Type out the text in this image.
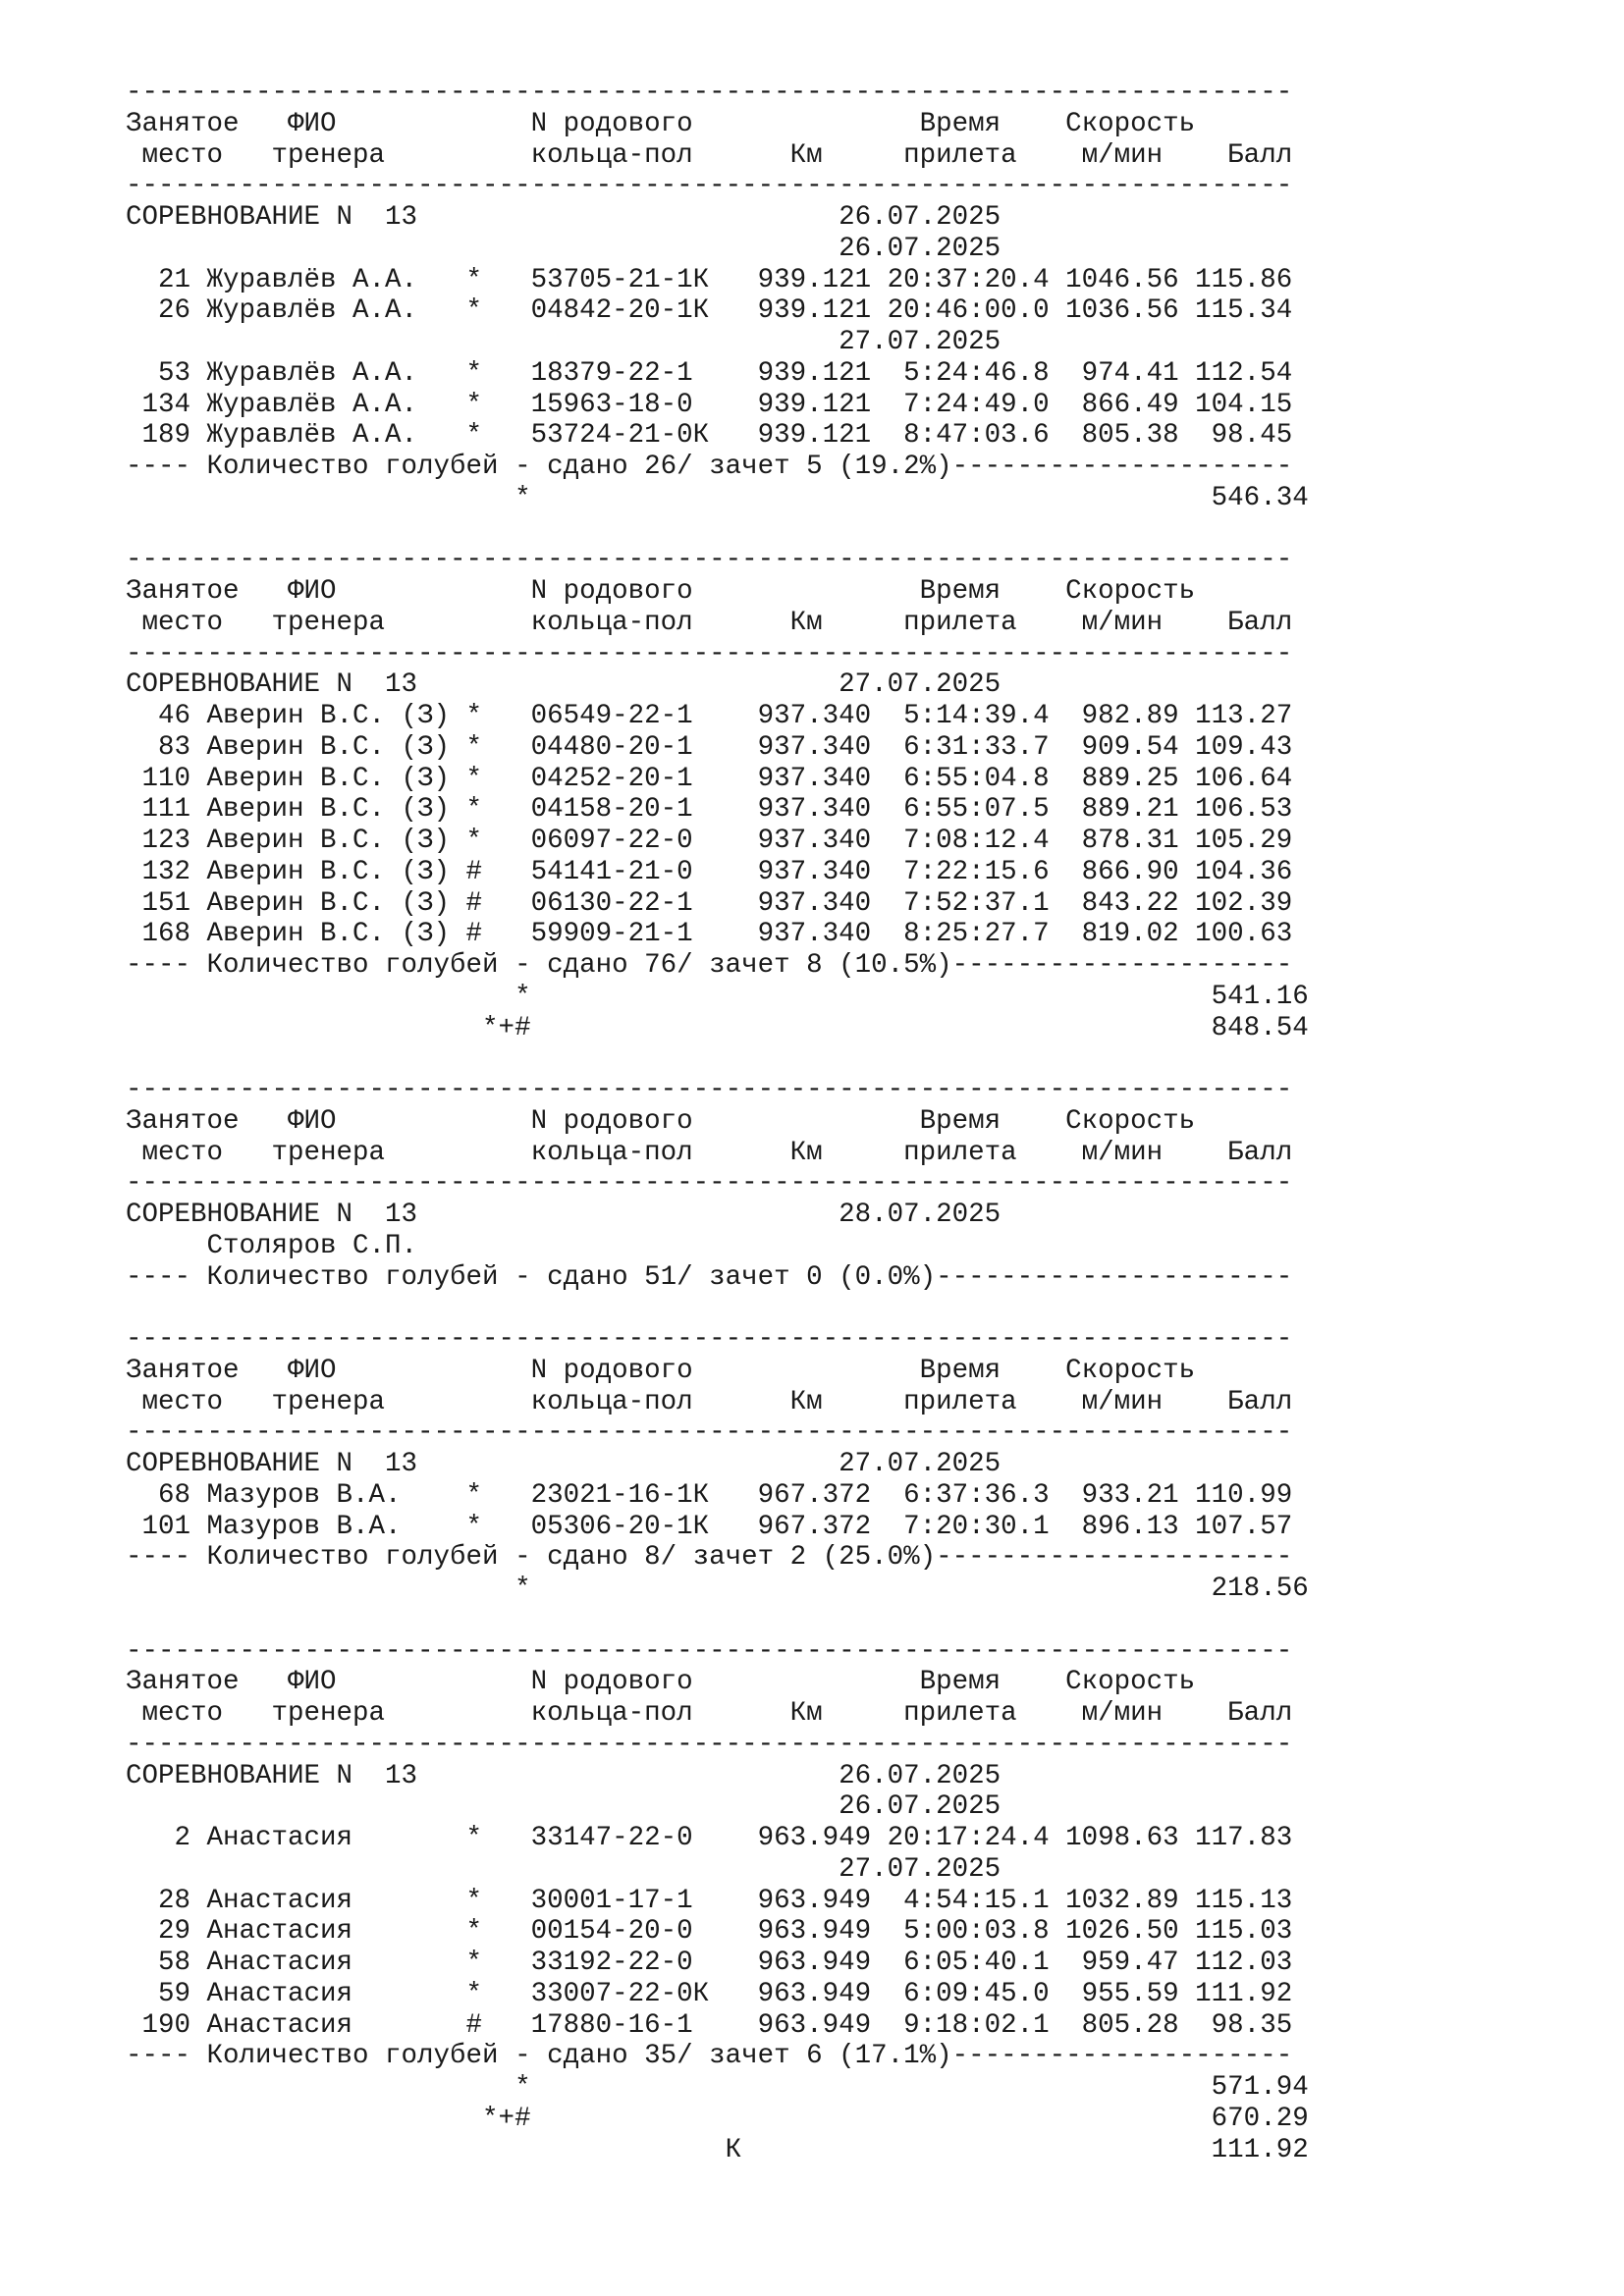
------------------------------------------------------------------------
Занятое   ФИО            N родового              Время    Скорость
место   тренера         кольца-пол      Км     прилета    м/мин    Балл
------------------------------------------------------------------------
СОРЕВНОВАНИЕ N  13                          26.07.2025
26.07.2025
21 Журавлёв А.А.   *   53705-21-1К   939.121 20:37:20.4 1046.56 115.86
26 Журавлёв А.А.   *   04842-20-1К   939.121 20:46:00.0 1036.56 115.34
27.07.2025
53 Журавлёв А.А.   *   18379-22-1    939.121  5:24:46.8  974.41 112.54
134 Журавлёв А.А.   *   15963-18-0    939.121  7:24:49.0  866.49 104.15
189 Журавлёв А.А.   *   53724-21-0К   939.121  8:47:03.6  805.38  98.45
---- Количество голубей - сдано 26/ зачет 5 (19.2%)---------------------
*                                          546.34
------------------------------------------------------------------------
Занятое   ФИО            N родового              Время    Скорость
место   тренера         кольца-пол      Км     прилета    м/мин    Балл
------------------------------------------------------------------------
СОРЕВНОВАНИЕ N  13                          27.07.2025
46 Аверин В.С. (З) *   06549-22-1    937.340  5:14:39.4  982.89 113.27
83 Аверин В.С. (З) *   04480-20-1    937.340  6:31:33.7  909.54 109.43
110 Аверин В.С. (З) *   04252-20-1    937.340  6:55:04.8  889.25 106.64
111 Аверин В.С. (З) *   04158-20-1    937.340  6:55:07.5  889.21 106.53
123 Аверин В.С. (З) *   06097-22-0    937.340  7:08:12.4  878.31 105.29
132 Аверин В.С. (З) #   54141-21-0    937.340  7:22:15.6  866.90 104.36
151 Аверин В.С. (З) #   06130-22-1    937.340  7:52:37.1  843.22 102.39
168 Аверин В.С. (З) #   59909-21-1    937.340  8:25:27.7  819.02 100.63
---- Количество голубей - сдано 76/ зачет 8 (10.5%)---------------------
*                                          541.16
*+#                                          848.54
------------------------------------------------------------------------
Занятое   ФИО            N родового              Время    Скорость
место   тренера         кольца-пол      Км     прилета    м/мин    Балл
------------------------------------------------------------------------
СОРЕВНОВАНИЕ N  13                          28.07.2025
Столяров С.П.
---- Количество голубей - сдано 51/ зачет 0 (0.0%)----------------------
------------------------------------------------------------------------
Занятое   ФИО            N родового              Время    Скорость
место   тренера         кольца-пол      Км     прилета    м/мин    Балл
------------------------------------------------------------------------
СОРЕВНОВАНИЕ N  13                          27.07.2025
68 Мазуров В.А.    *   23021-16-1К   967.372  6:37:36.3  933.21 110.99
101 Мазуров В.А.    *   05306-20-1К   967.372  7:20:30.1  896.13 107.57
---- Количество голубей - сдано 8/ зачет 2 (25.0%)----------------------
*                                          218.56
------------------------------------------------------------------------
Занятое   ФИО            N родового              Время    Скорость
место   тренера         кольца-пол      Км     прилета    м/мин    Балл
------------------------------------------------------------------------
СОРЕВНОВАНИЕ N  13                          26.07.2025
26.07.2025
2 Анастасия       *   33147-22-0    963.949 20:17:24.4 1098.63 117.83
27.07.2025
28 Анастасия       *   30001-17-1    963.949  4:54:15.1 1032.89 115.13
29 Анастасия       *   00154-20-0    963.949  5:00:03.8 1026.50 115.03
58 Анастасия       *   33192-22-0    963.949  6:05:40.1  959.47 112.03
59 Анастасия       *   33007-22-0К   963.949  6:09:45.0  955.59 111.92
190 Анастасия       #   17880-16-1    963.949  9:18:02.1  805.28  98.35
---- Количество голубей - сдано 35/ зачет 6 (17.1%)---------------------
*                                          571.94
*+#                                          670.29
К                             111.92
